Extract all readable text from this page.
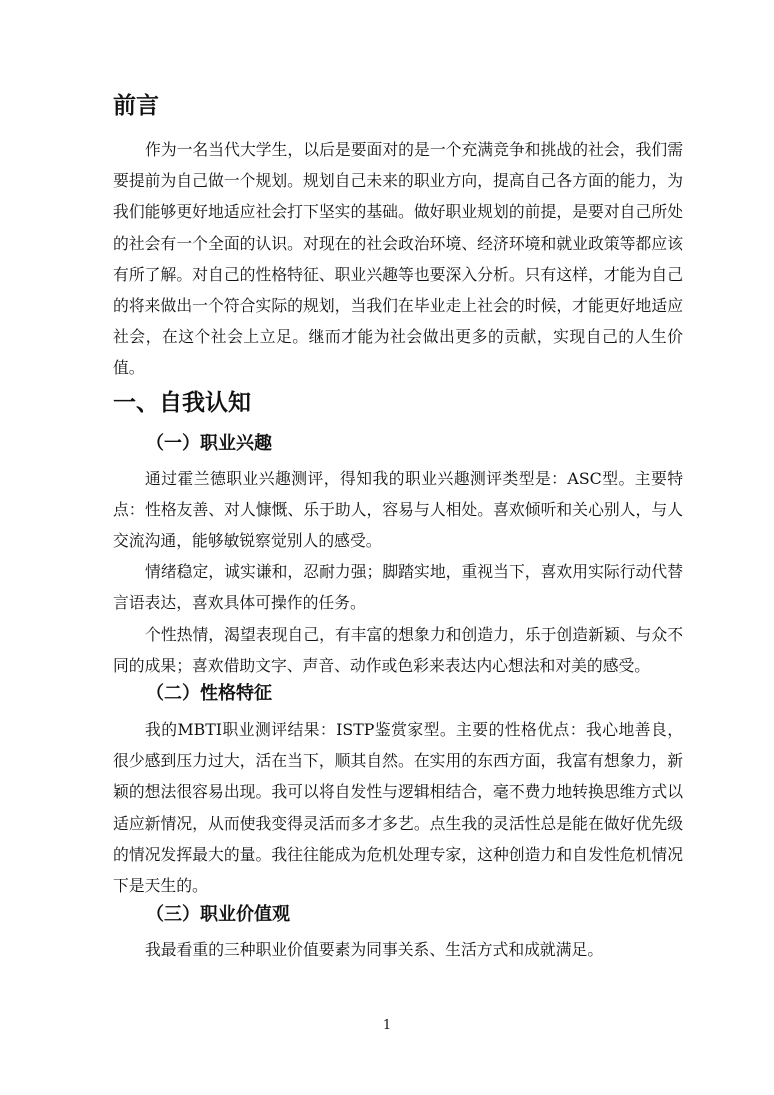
前言

作为一名当代大学生，以后是要面对的是一个充满竞争和挑战的社会，我们需要提前为自己做一个规划。规划自己未来的职业方向，提高自己各方面的能力，为我们能够更好地适应社会打下坚实的基础。做好职业规划的前提，是要对自己所处的社会有一个全面的认识。对现在的社会政治环境、经济环境和就业政策等都应该有所了解。对自己的性格特征、职业兴趣等也要深入分析。只有这样，才能为自己的将来做出一个符合实际的规划，当我们在毕业走上社会的时候，才能更好地适应社会，在这个社会上立足。继而才能为社会做出更多的贡献，实现自己的人生价值。

一、自我认知
（一）职业兴趣

通过霍兰德职业兴趣测评，得知我的职业兴趣测评类型是：ASC型。主要特点： 性格友善、对人慷慨、乐于助人，容易与人相处。喜欢倾听和关心别人，与人交流沟通，能够敏锐察觉别人的感受。

情绪稳定，诚实谦和，忍耐力强；脚踏实地，重视当下，喜欢用实际行动代替言语表达，喜欢具体可操作的任务。

个性热情，渴望表现自己，有丰富的想象力和创造力，乐于创造新颖、与众不同的成果；喜欢借助文字、声音、动作或色彩来表达内心想法和对美的感受。

（二）性格特征

我的MBTI职业测评结果：ISTP鉴赏家型。主要的性格优点：我心地善良，很少感到压力过大，活在当下，顺其自然。在实用的东西方面，我富有想象力，新颖的想法很容易出现。我可以将自发性与逻辑相结合，毫不费力地转换思维方式以适应新情况，从而使我变得灵活而多才多艺。点生我的灵活性总是能在做好优先级的情况发挥最大的量。我往往能成为危机处理专家，这种创造力和自发性危机情况下是天生的。

（三）职业价值观

我最看重的三种职业价值要素为同事关系、生活方式和成就满足。

1
